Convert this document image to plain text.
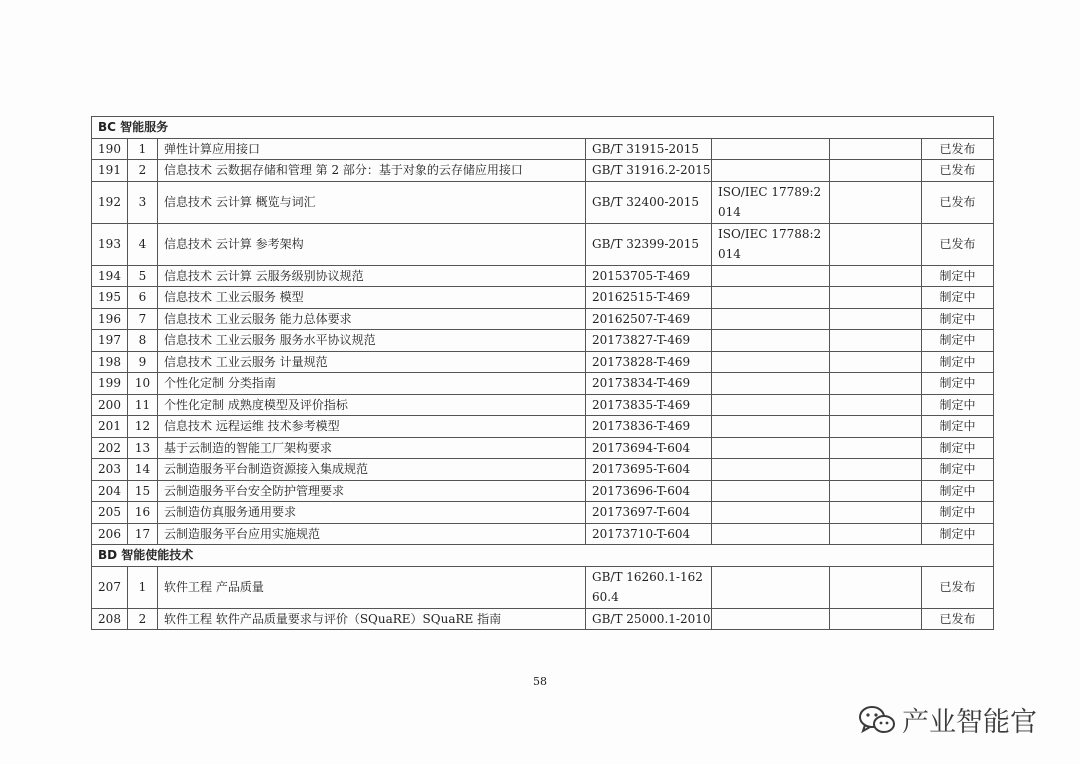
BC 智能服务						
190	1	弹性计算应用接口	GB/T 31915-2015			已发布
191	2	信息技术 云数据存储和管理 第 2 部分：基于对象的云存储应用接口	GB/T 31916.2-2015			已发布
192	3	信息技术 云计算 概览与词汇	GB/T 32400-2015	ISO/IEC 17789:2014		已发布
193	4	信息技术 云计算 参考架构	GB/T 32399-2015	ISO/IEC 17788:2014		已发布
194	5	信息技术 云计算 云服务级别协议规范	20153705-T-469			制定中
195	6	信息技术 工业云服务 模型	20162515-T-469			制定中
196	7	信息技术 工业云服务 能力总体要求	20162507-T-469			制定中
197	8	信息技术 工业云服务 服务水平协议规范	20173827-T-469			制定中
198	9	信息技术 工业云服务 计量规范	20173828-T-469			制定中
199	10	个性化定制 分类指南	20173834-T-469			制定中
200	11	个性化定制 成熟度模型及评价指标	20173835-T-469			制定中
201	12	信息技术 远程运维 技术参考模型	20173836-T-469			制定中
202	13	基于云制造的智能工厂架构要求	20173694-T-604			制定中
203	14	云制造服务平台制造资源接入集成规范	20173695-T-604			制定中
204	15	云制造服务平台安全防护管理要求	20173696-T-604			制定中
205	16	云制造仿真服务通用要求	20173697-T-604			制定中
206	17	云制造服务平台应用实施规范	20173710-T-604			制定中
BD 智能使能技术						
207	1	软件工程 产品质量	GB/T 16260.1-16260.4			已发布
208	2	软件工程 软件产品质量要求与评价（SQuaRE）SQuaRE 指南	GB/T 25000.1-2010			已发布
58
产业智能官
